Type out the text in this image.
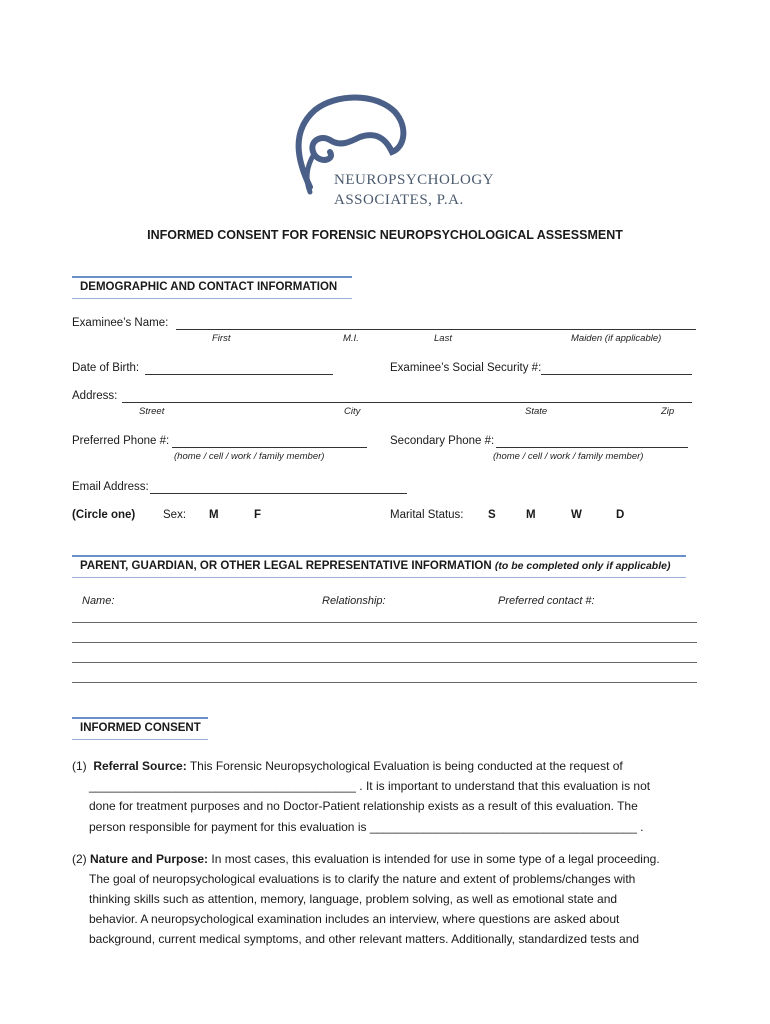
NEUROPSYCHOLOGY
ASSOCIATES, P.A.
INFORMED CONSENT FOR FORENSIC NEUROPSYCHOLOGICAL ASSESSMENT
DEMOGRAPHIC AND CONTACT INFORMATION
Examinee’s Name:
First	M.I.	Last	Maiden (if applicable)
Date of Birth:	Examinee’s Social Security #:
Address:
Street	City	State	Zip
Preferred Phone #:	Secondary Phone #:
(home / cell / work / family member)	(home / cell / work / family member)
Email Address:
(Circle one) Sex: M	F	Marital Status: S	M	W	D
PARENT, GUARDIAN, OR OTHER LEGAL REPRESENTATIVE INFORMATION (to be completed only if applicable)
Name:	Relationship:	Preferred contact #:
INFORMED CONSENT
(1) Referral Source: This Forensic Neuropsychological Evaluation is being conducted at the request of
________________________________________ . It is important to understand that this evaluation is not
done for treatment purposes and no Doctor-Patient relationship exists as a result of this evaluation. The
person responsible for payment for this evaluation is ________________________________________ .
(2) Nature and Purpose: In most cases, this evaluation is intended for use in some type of a legal proceeding.
The goal of neuropsychological evaluations is to clarify the nature and extent of problems/changes with
thinking skills such as attention, memory, language, problem solving, as well as emotional state and
behavior. A neuropsychological examination includes an interview, where questions are asked about
background, current medical symptoms, and other relevant matters. Additionally, standardized tests and
